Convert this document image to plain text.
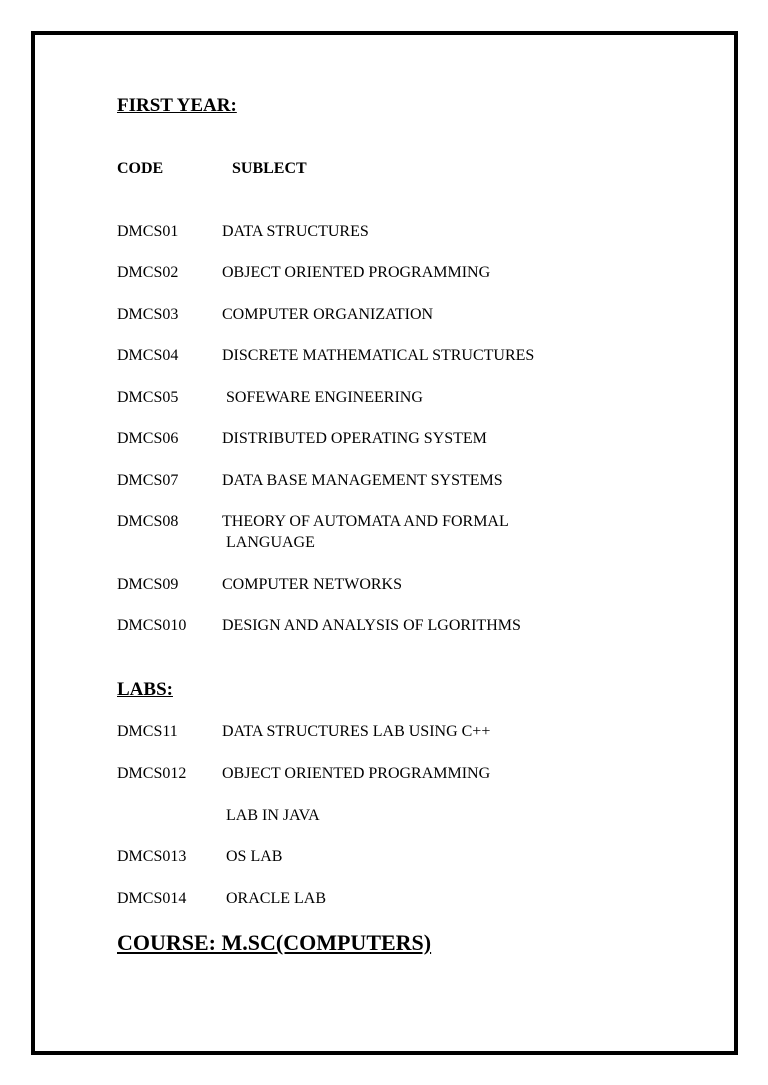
FIRST YEAR:
CODE	SUBLECT
DMCS01	DATA STRUCTURES
DMCS02	OBJECT ORIENTED PROGRAMMING
DMCS03	COMPUTER ORGANIZATION
DMCS04	DISCRETE MATHEMATICAL STRUCTURES
DMCS05	SOFEWARE ENGINEERING
DMCS06	DISTRIBUTED OPERATING SYSTEM
DMCS07	DATA BASE MANAGEMENT SYSTEMS
DMCS08	THEORY OF AUTOMATA AND FORMAL
LANGUAGE
DMCS09	COMPUTER NETWORKS
DMCS010 DESIGN AND ANALYSIS OF LGORITHMS
LABS:
DMCS11	DATA STRUCTURES LAB USING C++
DMCS012 OBJECT ORIENTED PROGRAMMING
LAB IN JAVA
DMCS013 OS LAB
DMCS014 ORACLE LAB
COURSE: M.SC(COMPUTERS)
